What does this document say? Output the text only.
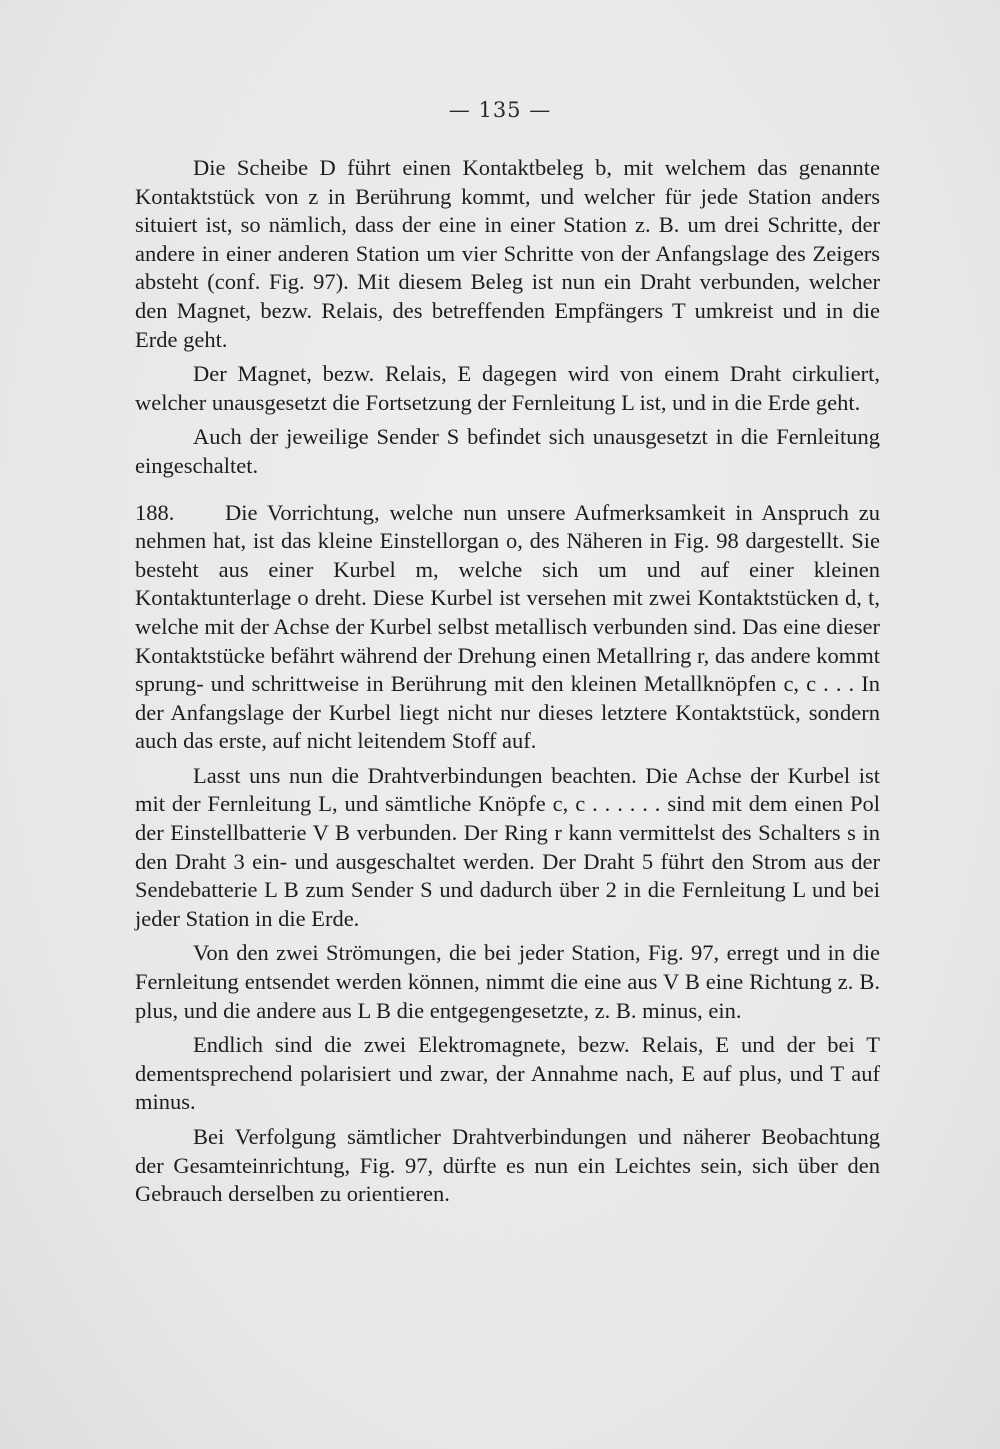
— 135 —

Die Scheibe D führt einen Kontaktbeleg b, mit welchem das genannte Kontaktstück von z in Berührung kommt, und welcher für jede Station anders situiert ist, so nämlich, dass der eine in einer Station z. B. um drei Schritte, der andere in einer anderen Station um vier Schritte von der Anfangslage des Zeigers absteht (conf. Fig. 97). Mit diesem Beleg ist nun ein Draht verbunden, welcher den Magnet, bezw. Relais, des betreffenden Empfängers T umkreist und in die Erde geht.

Der Magnet, bezw. Relais, E dagegen wird von einem Draht cirkuliert, welcher unausgesetzt die Fortsetzung der Fernleitung L ist, und in die Erde geht.

Auch der jeweilige Sender S befindet sich unausgesetzt in die Fernleitung eingeschaltet.

188. Die Vorrichtung, welche nun unsere Aufmerksamkeit in Anspruch zu nehmen hat, ist das kleine Einstellorgan o, des Näheren in Fig. 98 dargestellt. Sie besteht aus einer Kurbel m, welche sich um und auf einer kleinen Kontaktunterlage o dreht. Diese Kurbel ist versehen mit zwei Kontaktstücken d, t, welche mit der Achse der Kurbel selbst metallisch verbunden sind. Das eine dieser Kontaktstücke befährt während der Drehung einen Metallring r, das andere kommt sprung- und schrittweise in Berührung mit den kleinen Metallknöpfen c, c . . . In der Anfangslage der Kurbel liegt nicht nur dieses letztere Kontaktstück, sondern auch das erste, auf nicht leitendem Stoff auf.

Lasst uns nun die Drahtverbindungen beachten. Die Achse der Kurbel ist mit der Fernleitung L, und sämtliche Knöpfe c, c . . . . . . sind mit dem einen Pol der Einstellbatterie V B verbunden. Der Ring r kann vermittelst des Schalters s in den Draht 3 ein- und ausgeschaltet werden. Der Draht 5 führt den Strom aus der Sendebatterie L B zum Sender S und dadurch über 2 in die Fernleitung L und bei jeder Station in die Erde.

Von den zwei Strömungen, die bei jeder Station, Fig. 97, erregt und in die Fernleitung entsendet werden können, nimmt die eine aus V B eine Richtung z. B. plus, und die andere aus L B die entgegengesetzte, z. B. minus, ein.

Endlich sind die zwei Elektromagnete, bezw. Relais, E und der bei T dementsprechend polarisiert und zwar, der Annahme nach, E auf plus, und T auf minus.

Bei Verfolgung sämtlicher Drahtverbindungen und näherer Beobachtung der Gesamteinrichtung, Fig. 97, dürfte es nun ein Leichtes sein, sich über den Gebrauch derselben zu orientieren.
